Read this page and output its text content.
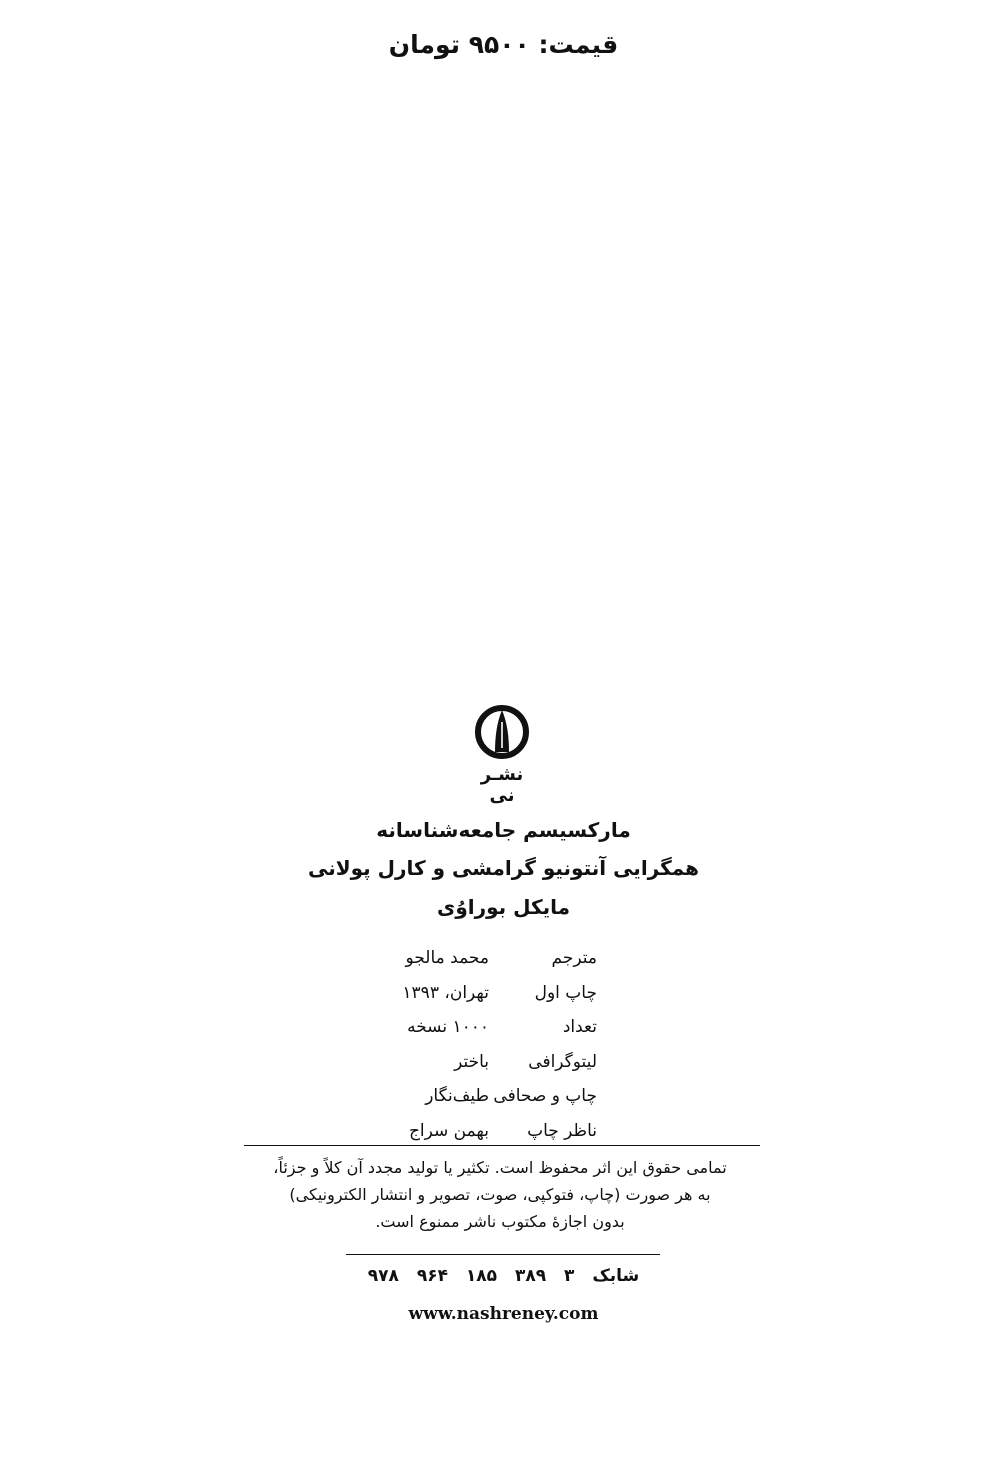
قیمت: ۹۵۰۰ تومان
نشـر نی
مارکسیسم جامعه‌شناسانه
همگرایی آنتونیو گرامشی و کارل پولانی
مایکل بوراوُی
مترجممحمد مالجو
چاپ اولتهران، ۱۳۹۳
تعداد۱۰۰۰ نسخه
لیتوگرافیباختر
چاپ و صحافیطیف‌نگار
ناظر چاپبهمن سراج
تمامی حقوق این اثر محفوظ است. تکثیر یا تولید مجدد آن کلاً و جزئاً،
به هر صورت (چاپ، فتوکپی، صوت، تصویر و انتشار الکترونیکی)
بدون اجازهٔ مکتوب ناشر ممنوع است.
شابک ۳ ۳۸۹ ۱۸۵ ۹۶۴ ۹۷۸
www.nashreney.com
